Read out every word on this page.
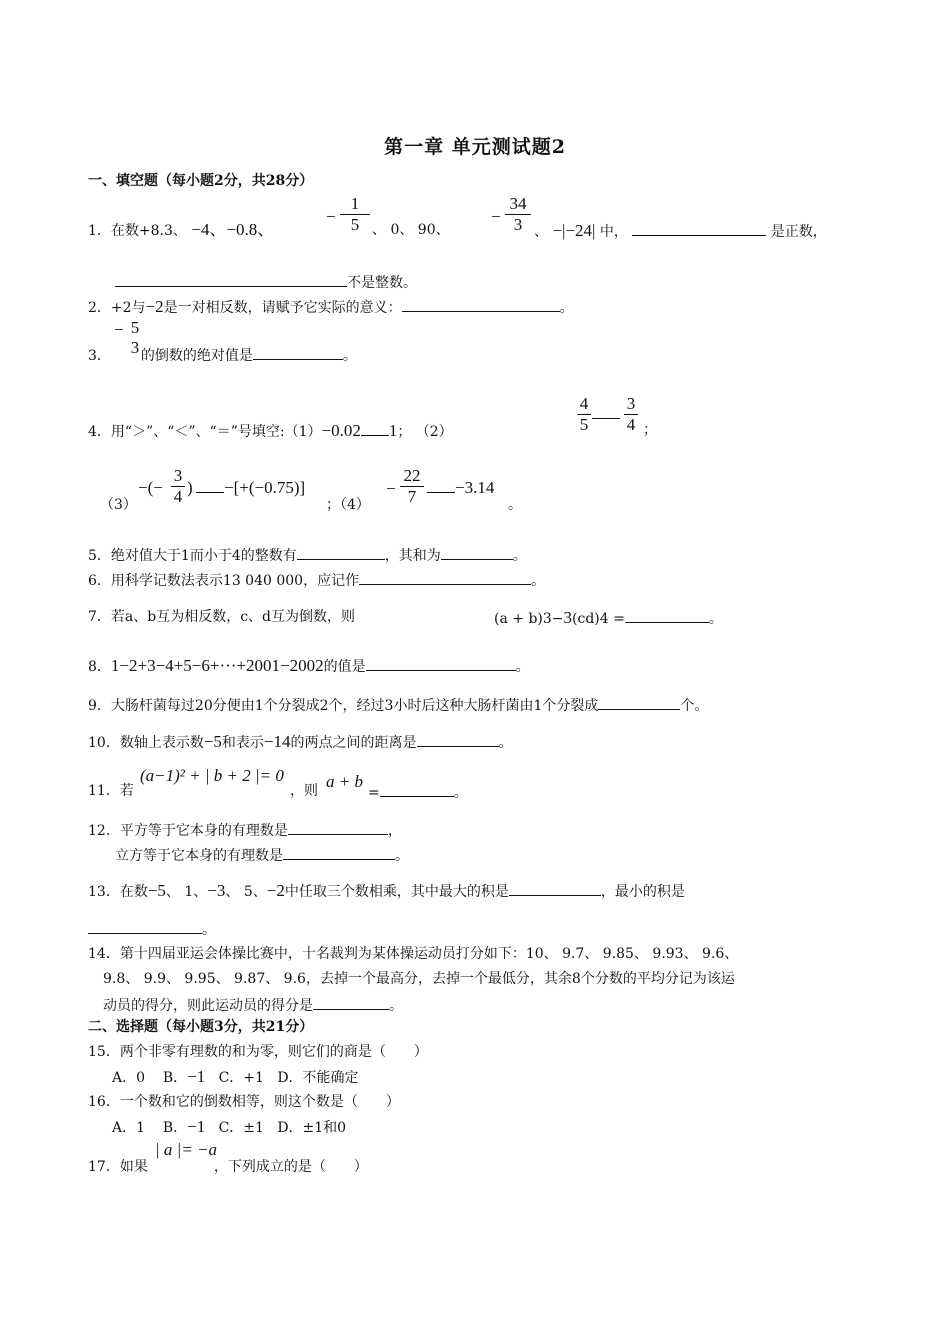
第一章 单元测试题2
一、填空题（每小题2分，共28分）
1．在数+8.3、 −4、−0.8、
−
1
5 、 0、 90、
−
34
3 、 −|−24| 中，	是正数，
不是整数。
2．+2与−2是一对相反数，请赋予它实际的意义：	。
− 5
3
3． 的倒数的绝对值是	。
4．用“＞”、“＜”、“＝”号填空:（1）−0.02 1； （2）
4
5
3
4 ；
（3）
−(−
3
4 )	−[+(−0.75)]
；（4）
−
22
7	−3.14
。
5．绝对值大于1而小于4的整数有	，其和为	。
6．用科学记数法表示13 040 000，应记作	。
7．若a、b互为相反数，c、d互为倒数，则	(a + b)3−3(cd)4 =	。
8．1−2+3−4+5−6+···+2001−2002的值是	。
9．大肠杆菌每过20分便由1个分裂成2个，经过3小时后这种大肠杆菌由1个分裂成	个。
10．数轴上表示数−5和表示−14的两点之间的距离是	。
11．若
(a−1)² + | b + 2 |= 0
，则 a + b
=	。
12．平方等于它本身的有理数是	，
立方等于它本身的有理数是	。
13．在数−5、 1、−3、 5、−2中任取三个数相乘，其中最大的积是	，最小的积是
。
14．第十四届亚运会体操比赛中，十名裁判为某体操运动员打分如下：10、 9.7、 9.85、 9.93、 9.6、
9.8、 9.9、 9.95、 9.87、 9.6，去掉一个最高分，去掉一个最低分，其余8个分数的平均分记为该运
动员的得分，则此运动员的得分是	。
二、选择题（每小题3分，共21分）
15．两个非零有理数的和为零，则它们的商是（　　）
A．0 B．−1 C．+1 D．不能确定
16．一个数和它的倒数相等，则这个数是（　　）
A．1 B．−1 C．±1 D．±1和0
| a |= −a
17．如果	，下列成立的是（　　）
